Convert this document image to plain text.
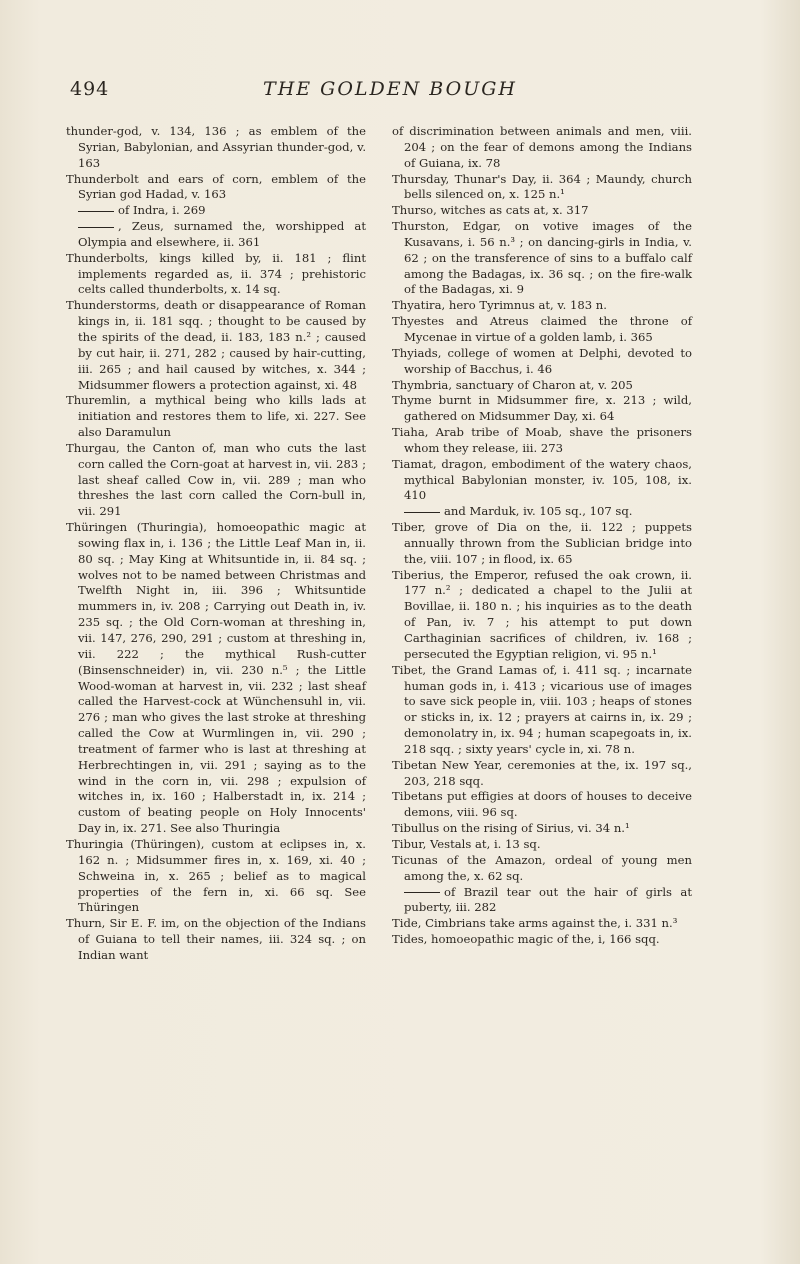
494	THE GOLDEN BOUGH

thunder-god, v. 134, 136 ; as emblem of the Syrian, Babylonian, and Assyrian thunder-god, v. 163

Thunderbolt and ears of corn, emblem of the Syrian god Hadad, v. 163

of Indra, i. 269

, Zeus, surnamed the, worshipped at Olympia and elsewhere, ii. 361

Thunderbolts, kings killed by, ii. 181 ; flint implements regarded as, ii. 374 ; prehistoric celts called thunderbolts, x. 14 sq.

Thunderstorms, death or disappearance of Roman kings in, ii. 181 sqq. ; thought to be caused by the spirits of the dead, ii. 183, 183 n.² ; caused by cut hair, ii. 271, 282 ; caused by hair-cutting, iii. 265 ; and hail caused by witches, x. 344 ; Midsummer flowers a protection against, xi. 48

Thuremlin, a mythical being who kills lads at initiation and restores them to life, xi. 227. See also Daramulun

Thurgau, the Canton of, man who cuts the last corn called the Corn-goat at harvest in, vii. 283 ; last sheaf called Cow in, vii. 289 ; man who threshes the last corn called the Corn-bull in, vii. 291

Thüringen (Thuringia), homoeopathic magic at sowing flax in, i. 136 ; the Little Leaf Man in, ii. 80 sq. ; May King at Whitsuntide in, ii. 84 sq. ; wolves not to be named between Christmas and Twelfth Night in, iii. 396 ; Whitsuntide mummers in, iv. 208 ; Carrying out Death in, iv. 235 sq. ; the Old Corn-woman at threshing in, vii. 147, 276, 290, 291 ; custom at threshing in, vii. 222 ; the mythical Rush-cutter (Binsenschneider) in, vii. 230 n.⁵ ; the Little Wood-woman at harvest in, vii. 232 ; last sheaf called the Harvest-cock at Wünchensuhl in, vii. 276 ; man who gives the last stroke at threshing called the Cow at Wurmlingen in, vii. 290 ; treatment of farmer who is last at threshing at Herbrechtingen in, vii. 291 ; saying as to the wind in the corn in, vii. 298 ; expulsion of witches in, ix. 160 ; Halberstadt in, ix. 214 ; custom of beating people on Holy Innocents' Day in, ix. 271. See also Thuringia

Thuringia (Thüringen), custom at eclipses in, x. 162 n. ; Midsummer fires in, x. 169, xi. 40 ; Schweina in, x. 265 ; belief as to magical properties of the fern in, xi. 66 sq. See Thüringen

Thurn, Sir E. F. im, on the objection of the Indians of Guiana to tell their names, iii. 324 sq. ; on Indian want

of discrimination between animals and men, viii. 204 ; on the fear of demons among the Indians of Guiana, ix. 78

Thursday, Thunar's Day, ii. 364 ; Maundy, church bells silenced on, x. 125 n.¹

Thurso, witches as cats at, x. 317

Thurston, Edgar, on votive images of the Kusavans, i. 56 n.³ ; on dancing-girls in India, v. 62 ; on the transference of sins to a buffalo calf among the Badagas, ix. 36 sq. ; on the fire-walk of the Badagas, xi. 9

Thyatira, hero Tyrimnus at, v. 183 n.

Thyestes and Atreus claimed the throne of Mycenae in virtue of a golden lamb, i. 365

Thyiads, college of women at Delphi, devoted to worship of Bacchus, i. 46

Thymbria, sanctuary of Charon at, v. 205

Thyme burnt in Midsummer fire, x. 213 ; wild, gathered on Midsummer Day, xi. 64

Tiaha, Arab tribe of Moab, shave the prisoners whom they release, iii. 273

Tiamat, dragon, embodiment of the watery chaos, mythical Babylonian monster, iv. 105, 108, ix. 410

and Marduk, iv. 105 sq., 107 sq.

Tiber, grove of Dia on the, ii. 122 ; puppets annually thrown from the Sublician bridge into the, viii. 107 ; in flood, ix. 65

Tiberius, the Emperor, refused the oak crown, ii. 177 n.² ; dedicated a chapel to the Julii at Bovillae, ii. 180 n. ; his inquiries as to the death of Pan, iv. 7 ; his attempt to put down Carthaginian sacrifices of children, iv. 168 ; persecuted the Egyptian religion, vi. 95 n.¹

Tibet, the Grand Lamas of, i. 411 sq. ; incarnate human gods in, i. 413 ; vicarious use of images to save sick people in, viii. 103 ; heaps of stones or sticks in, ix. 12 ; prayers at cairns in, ix. 29 ; demonolatry in, ix. 94 ; human scapegoats in, ix. 218 sqq. ; sixty years' cycle in, xi. 78 n.

Tibetan New Year, ceremonies at the, ix. 197 sq., 203, 218 sqq.

Tibetans put effigies at doors of houses to deceive demons, viii. 96 sq.

Tibullus on the rising of Sirius, vi. 34 n.¹

Tibur, Vestals at, i. 13 sq.

Ticunas of the Amazon, ordeal of young men among the, x. 62 sq.

of Brazil tear out the hair of girls at puberty, iii. 282

Tide, Cimbrians take arms against the, i. 331 n.³

Tides, homoeopathic magic of the, i, 166 sqq.
